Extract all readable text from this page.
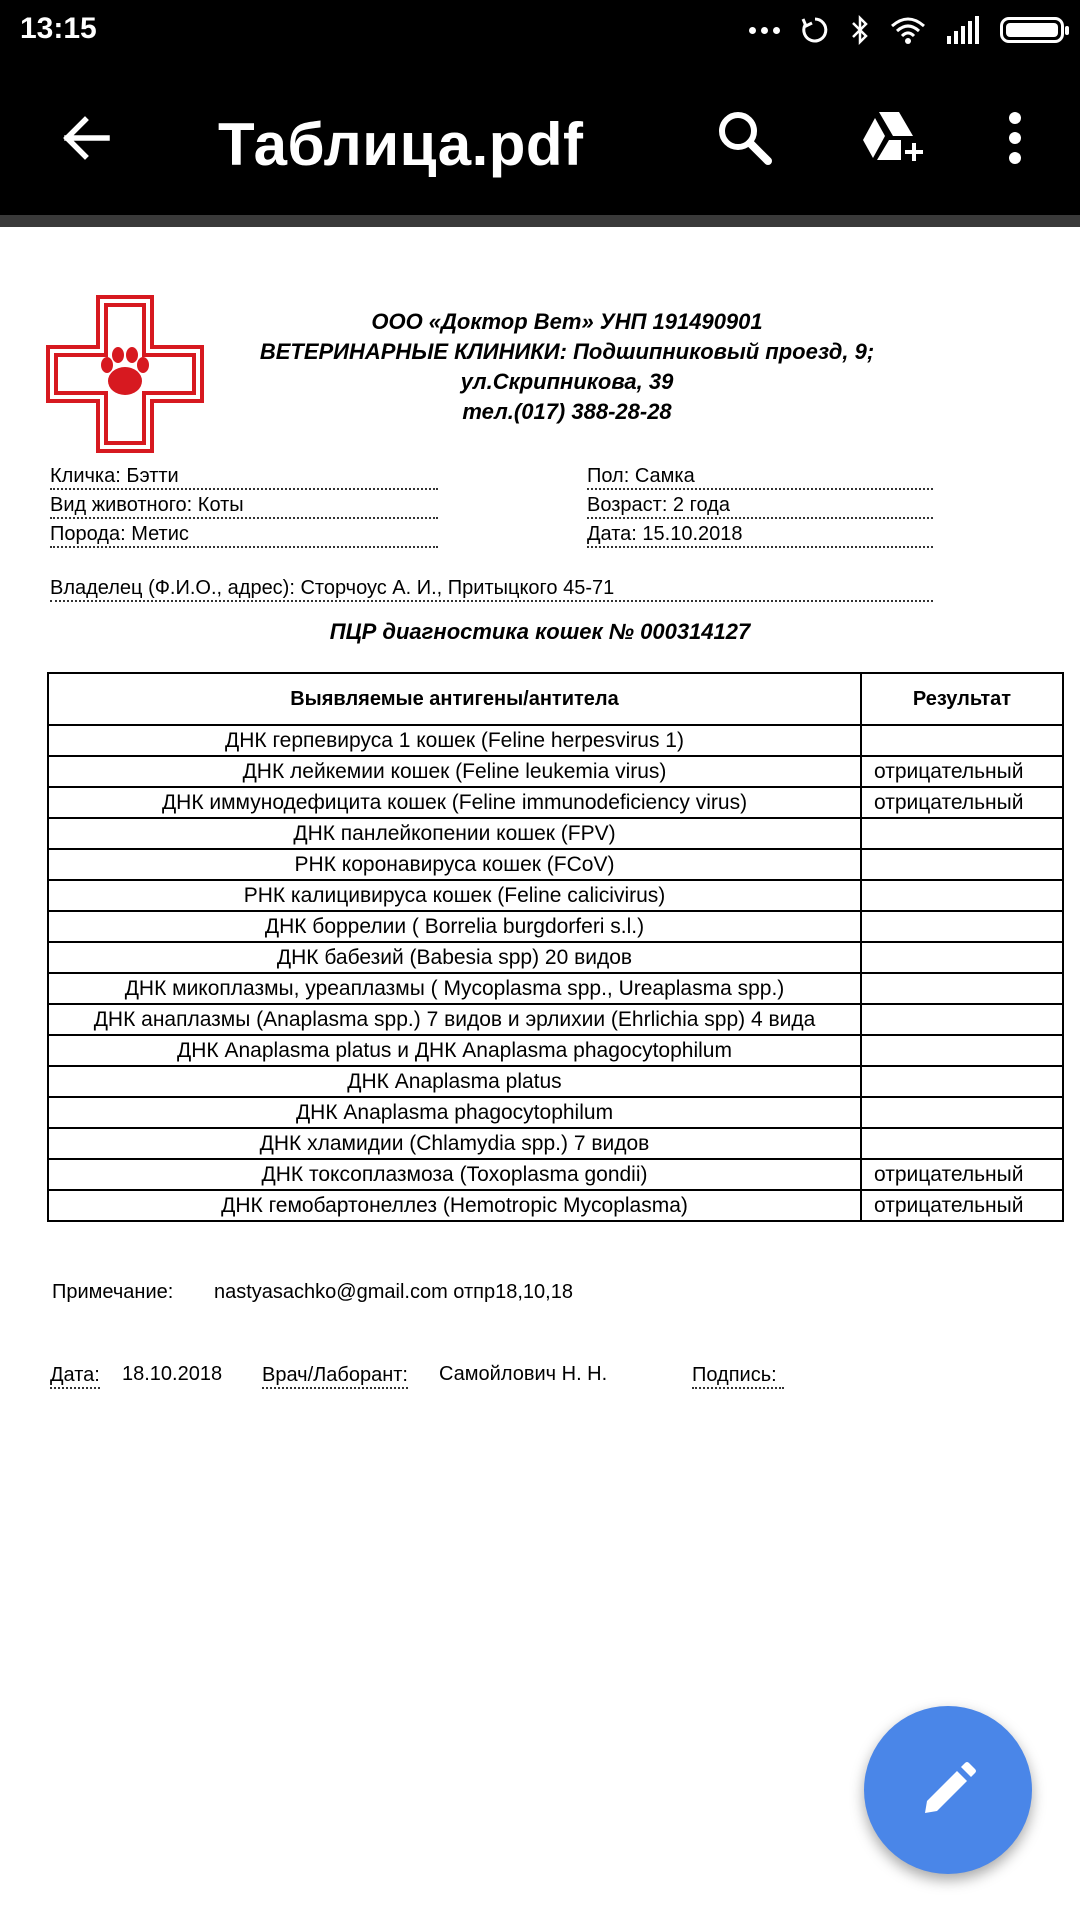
13:15
Таблица.pdf
ООО «Доктор Вет» УНП 191490901
ВЕТЕРИНАРНЫЕ КЛИНИКИ: Подшипниковый проезд, 9;
ул.Скрипникова, 39
тел.(017) 388-28-28
Кличка: Бэтти
Вид животного: Коты
Порода: Метис
Пол: Самка
Возраст: 2 года
Дата: 15.10.2018
Владелец (Ф.И.О., адрес): Сторчоус А. И., Притыцкого 45-71
ПЦР диагностика кошек № 000314127
Выявляемые антигены/антитела	Результат
ДНК герпевируса 1 кошек (Feline herpesvirus 1)	
ДНК лейкемии кошек (Feline leukemia virus)	отрицательный
ДНК иммунодефицита кошек (Feline immunodeficiency virus)	отрицательный
ДНК панлейкопении кошек (FPV)	
РНК коронавируса кошек (FCoV)	
РНК калицивируса кошек (Feline calicivirus)	
ДНК боррелии ( Borrelia burgdorferi s.l.)	
ДНК бабезий (Babesia spp) 20 видов	
ДНК микоплазмы, уреаплазмы ( Mycoplasma spp., Ureaplasma spp.)	
ДНК анаплазмы (Anaplasma spp.) 7 видов и эрлихии (Ehrlichia spp) 4 вида	
ДНК Anaplasma platus и ДНК Anaplasma phagocytophilum	
ДНК Anaplasma platus	
ДНК Anaplasma phagocytophilum	
ДНК хламидии (Chlamydia spp.) 7 видов	
ДНК токсоплазмоза (Toxoplasma gondii)	отрицательный
ДНК гемобартонеллез (Hemotropic Mycoplasma)	отрицательный
Примечание: nastyasachko@gmail.com отпр18,10,18
Дата: 18.10.2018 Врач/Лаборант: Самойлович Н. Н.	Подпись:
